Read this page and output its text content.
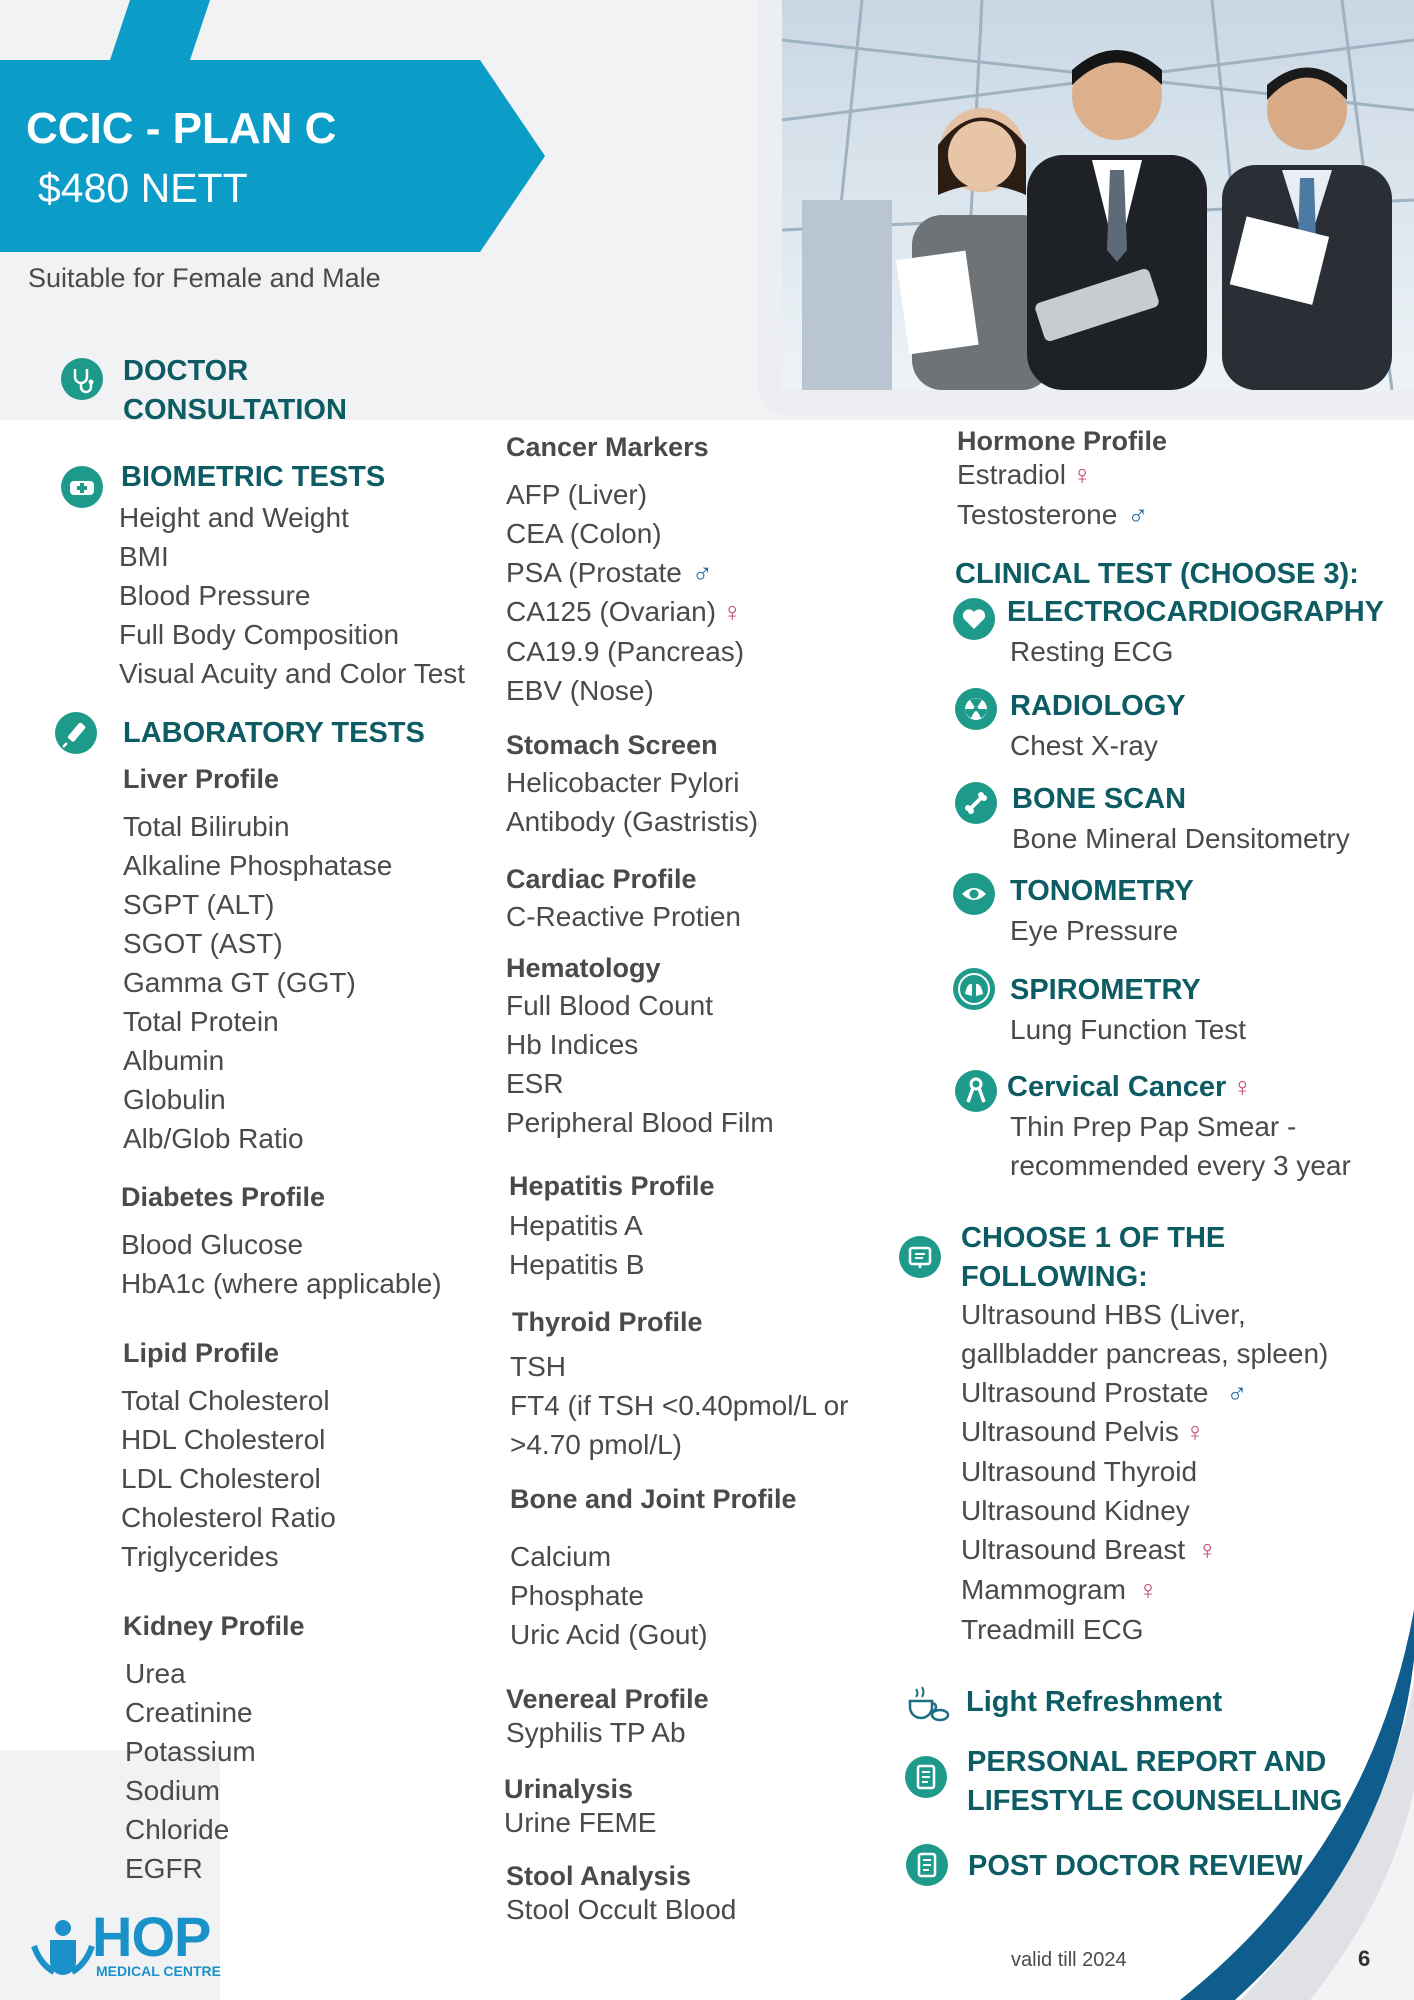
CCIC - PLAN C
$480 NETT
Suitable for Female and Male
DOCTOR
CONSULTATION
BIOMETRIC TESTS
Height and Weight
BMI
Blood Pressure
Full Body Composition
Visual Acuity and Color Test
LABORATORY TESTS
Liver Profile
Total Bilirubin
Alkaline Phosphatase
SGPT (ALT)
SGOT (AST)
Gamma GT (GGT)
Total Protein
Albumin
Globulin
Alb/Glob Ratio
Diabetes Profile
Blood Glucose
HbA1c (where applicable)
Lipid Profile
Total Cholesterol
HDL Cholesterol
LDL Cholesterol
Cholesterol Ratio
Triglycerides
Kidney Profile
Urea
Creatinine
Potassium
Sodium
Chloride
EGFR
Cancer Markers
AFP (Liver)
CEA (Colon)
PSA (Prostate ♂
CA125 (Ovarian) ♀
CA19.9 (Pancreas)
EBV (Nose)
Stomach Screen
Helicobacter Pylori
Antibody (Gastristis)
Cardiac Profile
C-Reactive Protien
Hematology
Full Blood Count
Hb Indices
ESR
Peripheral Blood Film
Hepatitis Profile
Hepatitis A
Hepatitis B
Thyroid Profile
TSH
FT4 (if TSH <0.40pmol/L or
>4.70 pmol/L)
Bone and Joint Profile
Calcium
Phosphate
Uric Acid (Gout)
Venereal Profile
Syphilis TP Ab
Urinalysis
Urine FEME
Stool Analysis
Stool Occult Blood
Hormone Profile
Estradiol ♀
Testosterone ♂
CLINICAL TEST (CHOOSE 3):
ELECTROCARDIOGRAPHY
Resting ECG
RADIOLOGY
Chest X-ray
BONE SCAN
Bone Mineral Densitometry
TONOMETRY
Eye Pressure
SPIROMETRY
Lung Function Test
Cervical Cancer ♀
Thin Prep Pap Smear -
recommended every 3 year
CHOOSE 1 OF THE
FOLLOWING:
Ultrasound HBS (Liver,
gallbladder pancreas, spleen)
Ultrasound Prostate ♂
Ultrasound Pelvis ♀
Ultrasound Thyroid
Ultrasound Kidney
Ultrasound Breast ♀
Mammogram ♀
Treadmill ECG
Light Refreshment
PERSONAL REPORT AND
LIFESTYLE COUNSELLING
POST DOCTOR REVIEW
HOP
MEDICAL CENTRE	valid till 2024	6
